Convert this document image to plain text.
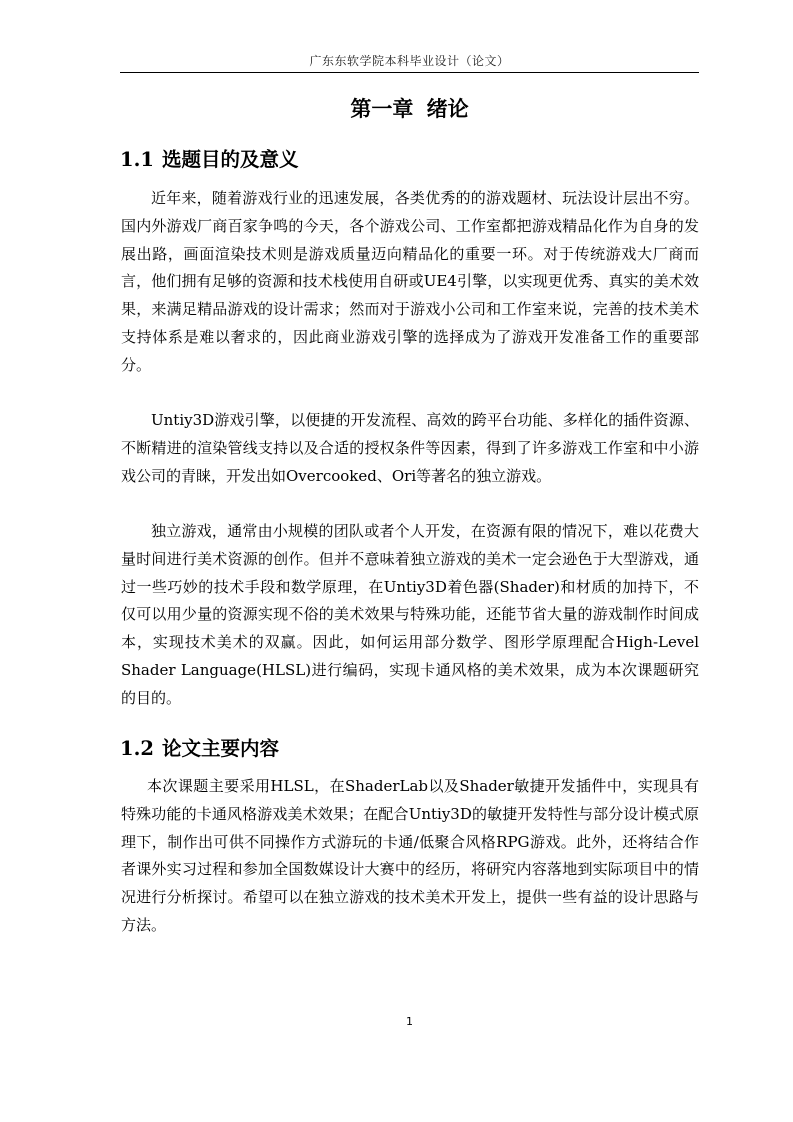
广东东软学院本科毕业设计（论文）
第一章 绪论
1.1 选题目的及意义

近年来，随着游戏行业的迅速发展，各类优秀的的游戏题材、玩法设计层出不穷。国内外游戏厂商百家争鸣的今天，各个游戏公司、工作室都把游戏精品化作为自身的发展出路，画面渲染技术则是游戏质量迈向精品化的重要一环。对于传统游戏大厂商而言，他们拥有足够的资源和技术栈使用自研或UE4引擎，以实现更优秀、真实的美术效果，来满足精品游戏的设计需求；然而对于游戏小公司和工作室来说，完善的技术美术支持体系是难以奢求的，因此商业游戏引擎的选择成为了游戏开发准备工作的重要部分。

Untiy3D游戏引擎，以便捷的开发流程、高效的跨平台功能、多样化的插件资源、不断精进的渲染管线支持以及合适的授权条件等因素，得到了许多游戏工作室和中小游戏公司的青睐，开发出如Overcooked、Ori等著名的独立游戏。

独立游戏，通常由小规模的团队或者个人开发，在资源有限的情况下，难以花费大量时间进行美术资源的创作。但并不意味着独立游戏的美术一定会逊色于大型游戏，通过一些巧妙的技术手段和数学原理，在Untiy3D着色器(Shader)和材质的加持下，不仅可以用少量的资源实现不俗的美术效果与特殊功能，还能节省大量的游戏制作时间成本，实现技术美术的双赢。因此，如何运用部分数学、图形学原理配合High-Level Shader Language(HLSL)进行编码，实现卡通风格的美术效果，成为本次课题研究的目的。

1.2 论文主要内容

本次课题主要采用HLSL，在ShaderLab以及Shader敏捷开发插件中，实现具有特殊功能的卡通风格游戏美术效果；在配合Untiy3D的敏捷开发特性与部分设计模式原理下，制作出可供不同操作方式游玩的卡通/低聚合风格RPG游戏。此外，还将结合作者课外实习过程和参加全国数媒设计大赛中的经历，将研究内容落地到实际项目中的情况进行分析探讨。希望可以在独立游戏的技术美术开发上，提供一些有益的设计思路与方法。

1
